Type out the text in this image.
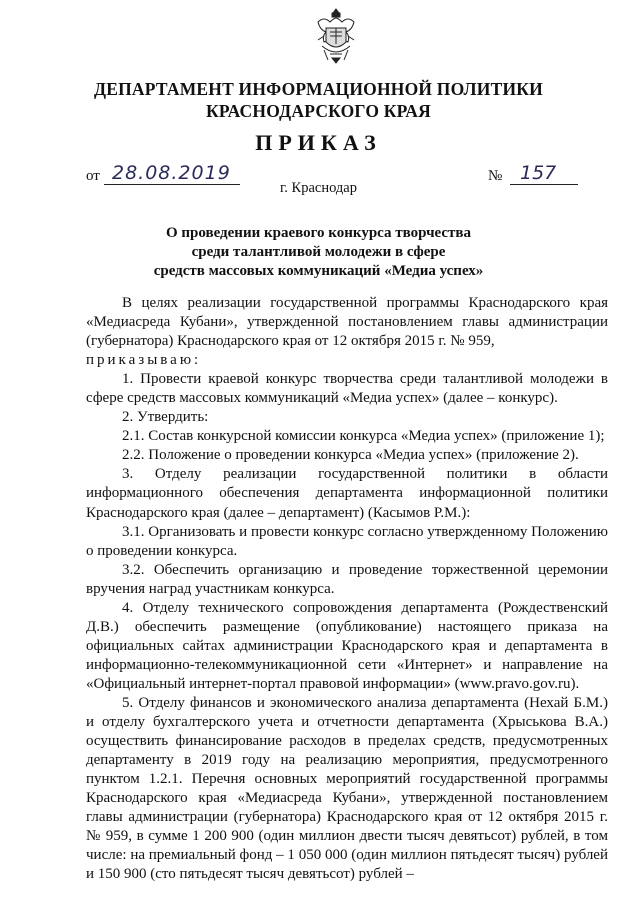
ДЕПАРТАМЕНТ ИНФОРМАЦИОННОЙ ПОЛИТИКИ
КРАСНОДАРСКОГО КРАЯ
ПРИКАЗ
от 28.08.2019	№ 157
г. Краснодар
О проведении краевого конкурса творчества
среди талантливой молодежи в сфере
средств массовых коммуникаций «Медиа успех»

В целях реализации государственной программы Краснодарского края «Медиасреда Кубани», утвержденной постановлением главы администрации (губернатора) Краснодарского края от 12 октября 2015 г. № 959,

приказываю:

1. Провести краевой конкурс творчества среди талантливой молодежи в сфере средств массовых коммуникаций «Медиа успех» (далее – конкурс).

2. Утвердить:

2.1. Состав конкурсной комиссии конкурса «Медиа успех» (приложение 1);

2.2. Положение о проведении конкурса «Медиа успех» (приложение 2).

3. Отделу реализации государственной политики в области информационного обеспечения департамента информационной политики Краснодарского края (далее – департамент) (Касымов Р.М.):

3.1. Организовать и провести конкурс согласно утвержденному Положению о проведении конкурса.

3.2. Обеспечить организацию и проведение торжественной церемонии вручения наград участникам конкурса.

4. Отделу технического сопровождения департамента (Рождественский Д.В.) обеспечить размещение (опубликование) настоящего приказа на официальных сайтах администрации Краснодарского края и департамента в информационно-телекоммуникационной сети «Интернет» и направление на «Официальный интернет-портал правовой информации» (www.pravo.gov.ru).

5. Отделу финансов и экономического анализа департамента (Нехай Б.М.) и отделу бухгалтерского учета и отчетности департамента (Хрыськова В.А.) осуществить финансирование расходов в пределах средств, предусмотренных департаменту в 2019 году на реализацию мероприятия, предусмотренного пунктом 1.2.1. Перечня основных мероприятий государственной программы Краснодарского края «Медиасреда Кубани», утвержденной постановлением главы администрации (губернатора) Краснодарского края от 12 октября 2015 г. № 959, в сумме 1 200 900 (один миллион двести тысяч девятьсот) рублей, в том числе: на премиальный фонд – 1 050 000 (один миллион пятьдесят тысяч) рублей и 150 900 (сто пятьдесят тысяч девятьсот) рублей –
